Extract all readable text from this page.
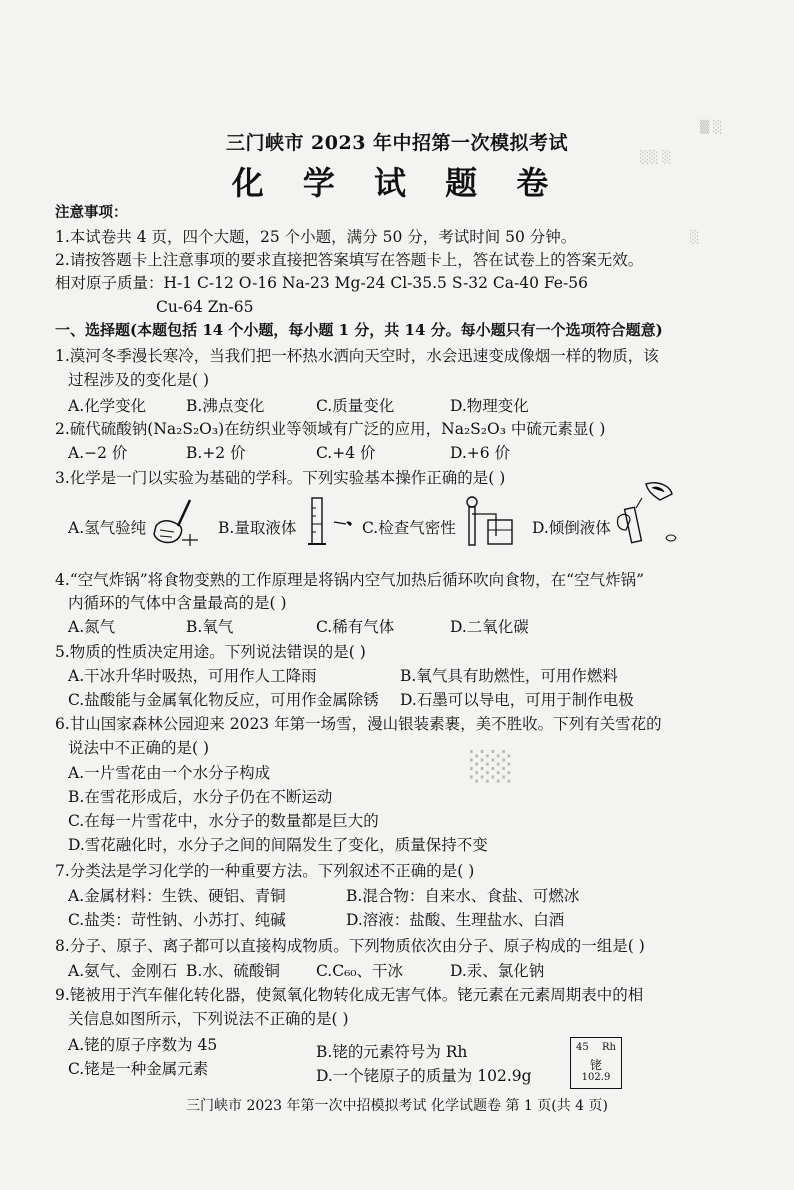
▒ ░
░░ ░
░
░░
三门峡市 2023 年中招第一次模拟考试
化 学 试 题 卷
注意事项：
1.本试卷共 4 页，四个大题，25 个小题，满分 50 分，考试时间 50 分钟。
2.请按答题卡上注意事项的要求直接把答案填写在答题卡上，答在试卷上的答案无效。
相对原子质量：H-1 C-12 O-16 Na-23 Mg-24 Cl-35.5 S-32 Ca-40 Fe-56
Cu-64 Zn-65
一、选择题(本题包括 14 个小题，每小题 1 分，共 14 分。每小题只有一个选项符合题意)
1.漠河冬季漫长寒冷，当我们把一杯热水洒向天空时，水会迅速变成像烟一样的物质，该
过程涉及的变化是( )
A.化学变化	B.沸点变化	C.质量变化	D.物理变化
2.硫代硫酸钠(Na₂S₂O₃)在纺织业等领域有广泛的应用，Na₂S₂O₃ 中硫元素显( )
A.−2 价	B.+2 价	C.+4 价	D.+6 价
3.化学是一门以实验为基础的学科。下列实验基本操作正确的是( )
A.氢气验纯	B.量取液体	C.检查气密性	D.倾倒液体
4.“空气炸锅”将食物变熟的工作原理是将锅内空气加热后循环吹向食物，在“空气炸锅”
内循环的气体中含量最高的是( )
A.氮气	B.氧气	C.稀有气体	D.二氧化碳
5.物质的性质决定用途。下列说法错误的是( )
A.干冰升华时吸热，可用作人工降雨	B.氧气具有助燃性，可用作燃料
C.盐酸能与金属氧化物反应，可用作金属除锈 D.石墨可以导电，可用于制作电极
6.甘山国家森林公园迎来 2023 年第一场雪，漫山银装素裹，美不胜收。下列有关雪花的
说法中不正确的是( )
A.一片雪花由一个水分子构成
B.在雪花形成后，水分子仍在不断运动
C.在每一片雪花中，水分子的数量都是巨大的
D.雪花融化时，水分子之间的间隔发生了变化，质量保持不变
7.分类法是学习化学的一种重要方法。下列叙述不正确的是( )
A.金属材料：生铁、硬铝、青铜	B.混合物：自来水、食盐、可燃冰
C.盐类：苛性钠、小苏打、纯碱	D.溶液：盐酸、生理盐水、白酒
8.分子、原子、离子都可以直接构成物质。下列物质依次由分子、原子构成的一组是( )
A.氨气、金刚石 B.水、硫酸铜 C.C₆₀、干冰	D.汞、氯化钠
9.铑被用于汽车催化转化器，使氮氧化物转化成无害气体。铑元素在元素周期表中的相
关信息如图所示，下列说法不正确的是( )
A.铑的原子序数为 45	B.铑的元素符号为 Rh
C.铑是一种金属元素	D.一个铑原子的质量为 102.9g
45 Rh
铑
102.9
三门峡市 2023 年第一次中招模拟考试 化学试题卷 第 1 页(共 4 页)
